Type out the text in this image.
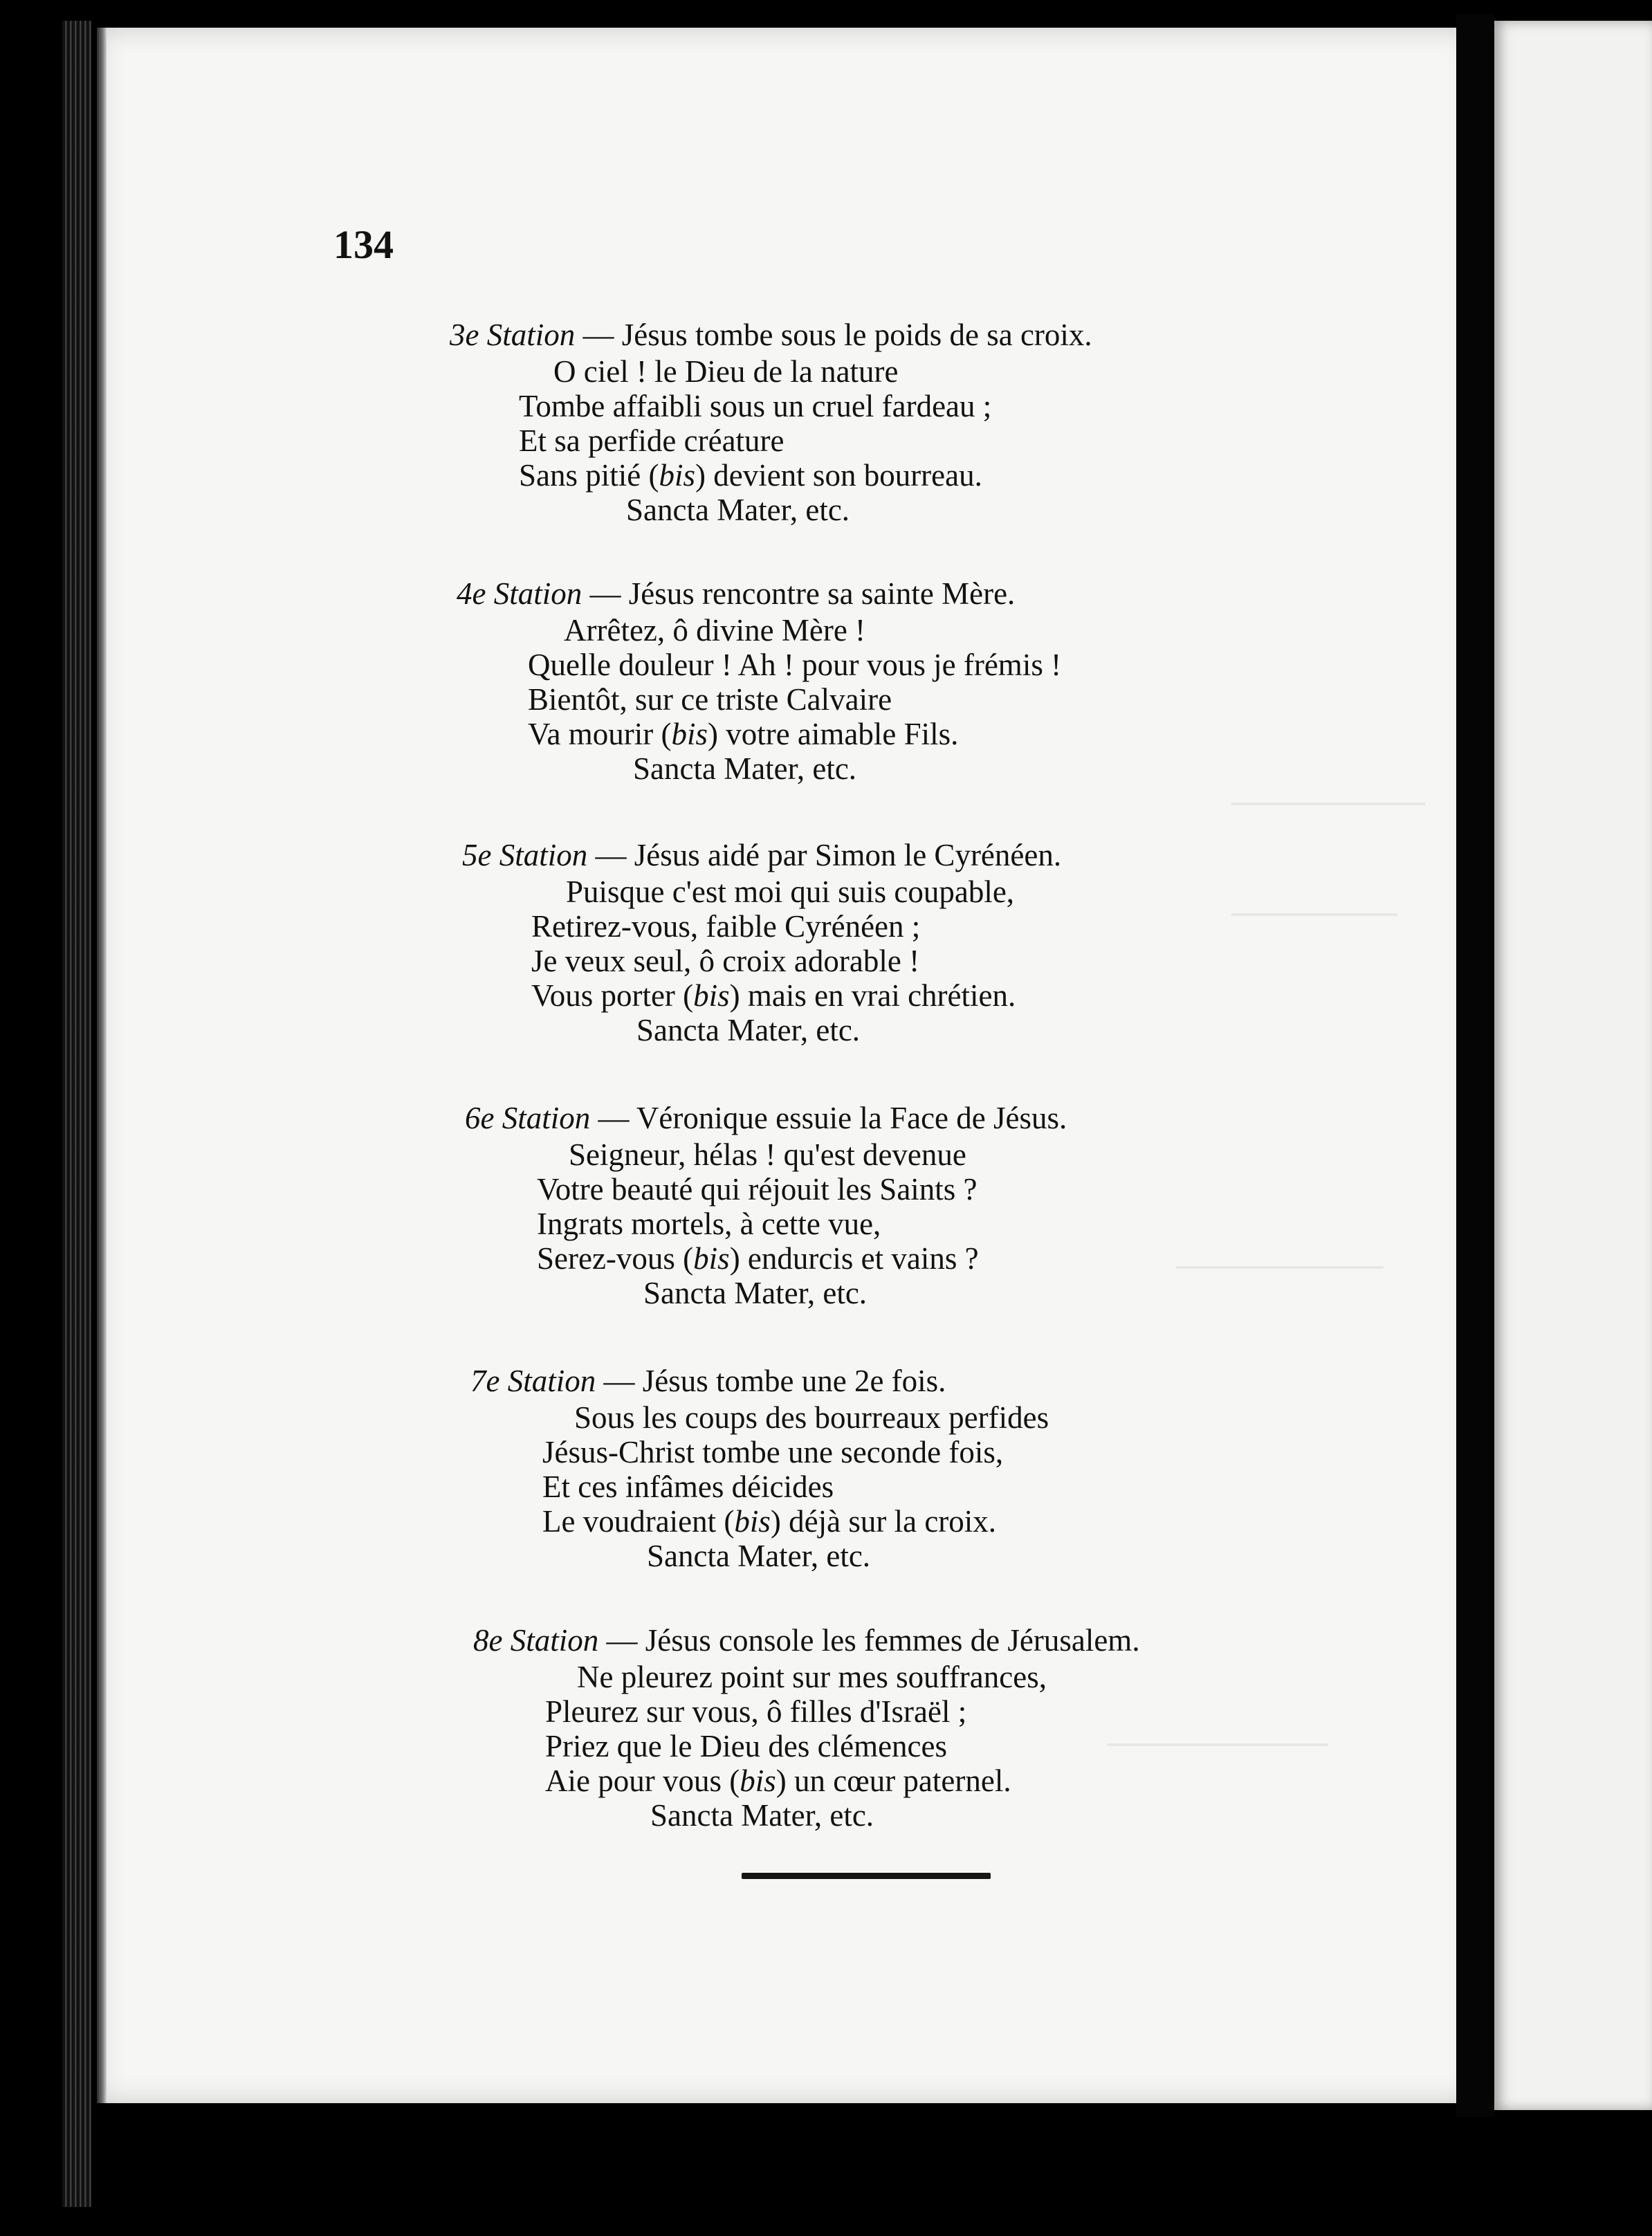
134
3e Station — Jésus tombe sous le poids de sa croix.
O ciel ! le Dieu de la nature
Tombe affaibli sous un cruel fardeau ;
Et sa perfide créature
Sans pitié (bis) devient son bourreau.
Sancta Mater, etc.
4e Station — Jésus rencontre sa sainte Mère.
Arrêtez, ô divine Mère !
Quelle douleur ! Ah ! pour vous je frémis !
Bientôt, sur ce triste Calvaire
Va mourir (bis) votre aimable Fils.
Sancta Mater, etc.
5e Station — Jésus aidé par Simon le Cyrénéen.
Puisque c'est moi qui suis coupable,
Retirez-vous, faible Cyrénéen ;
Je veux seul, ô croix adorable !
Vous porter (bis) mais en vrai chrétien.
Sancta Mater, etc.
6e Station — Véronique essuie la Face de Jésus.
Seigneur, hélas ! qu'est devenue
Votre beauté qui réjouit les Saints ?
Ingrats mortels, à cette vue,
Serez-vous (bis) endurcis et vains ?
Sancta Mater, etc.
7e Station — Jésus tombe une 2e fois.
Sous les coups des bourreaux perfides
Jésus-Christ tombe une seconde fois,
Et ces infâmes déicides
Le voudraient (bis) déjà sur la croix.
Sancta Mater, etc.
8e Station — Jésus console les femmes de Jérusalem.
Ne pleurez point sur mes souffrances,
Pleurez sur vous, ô filles d'Israël ;
Priez que le Dieu des clémences
Aie pour vous (bis) un cœur paternel.
Sancta Mater, etc.
